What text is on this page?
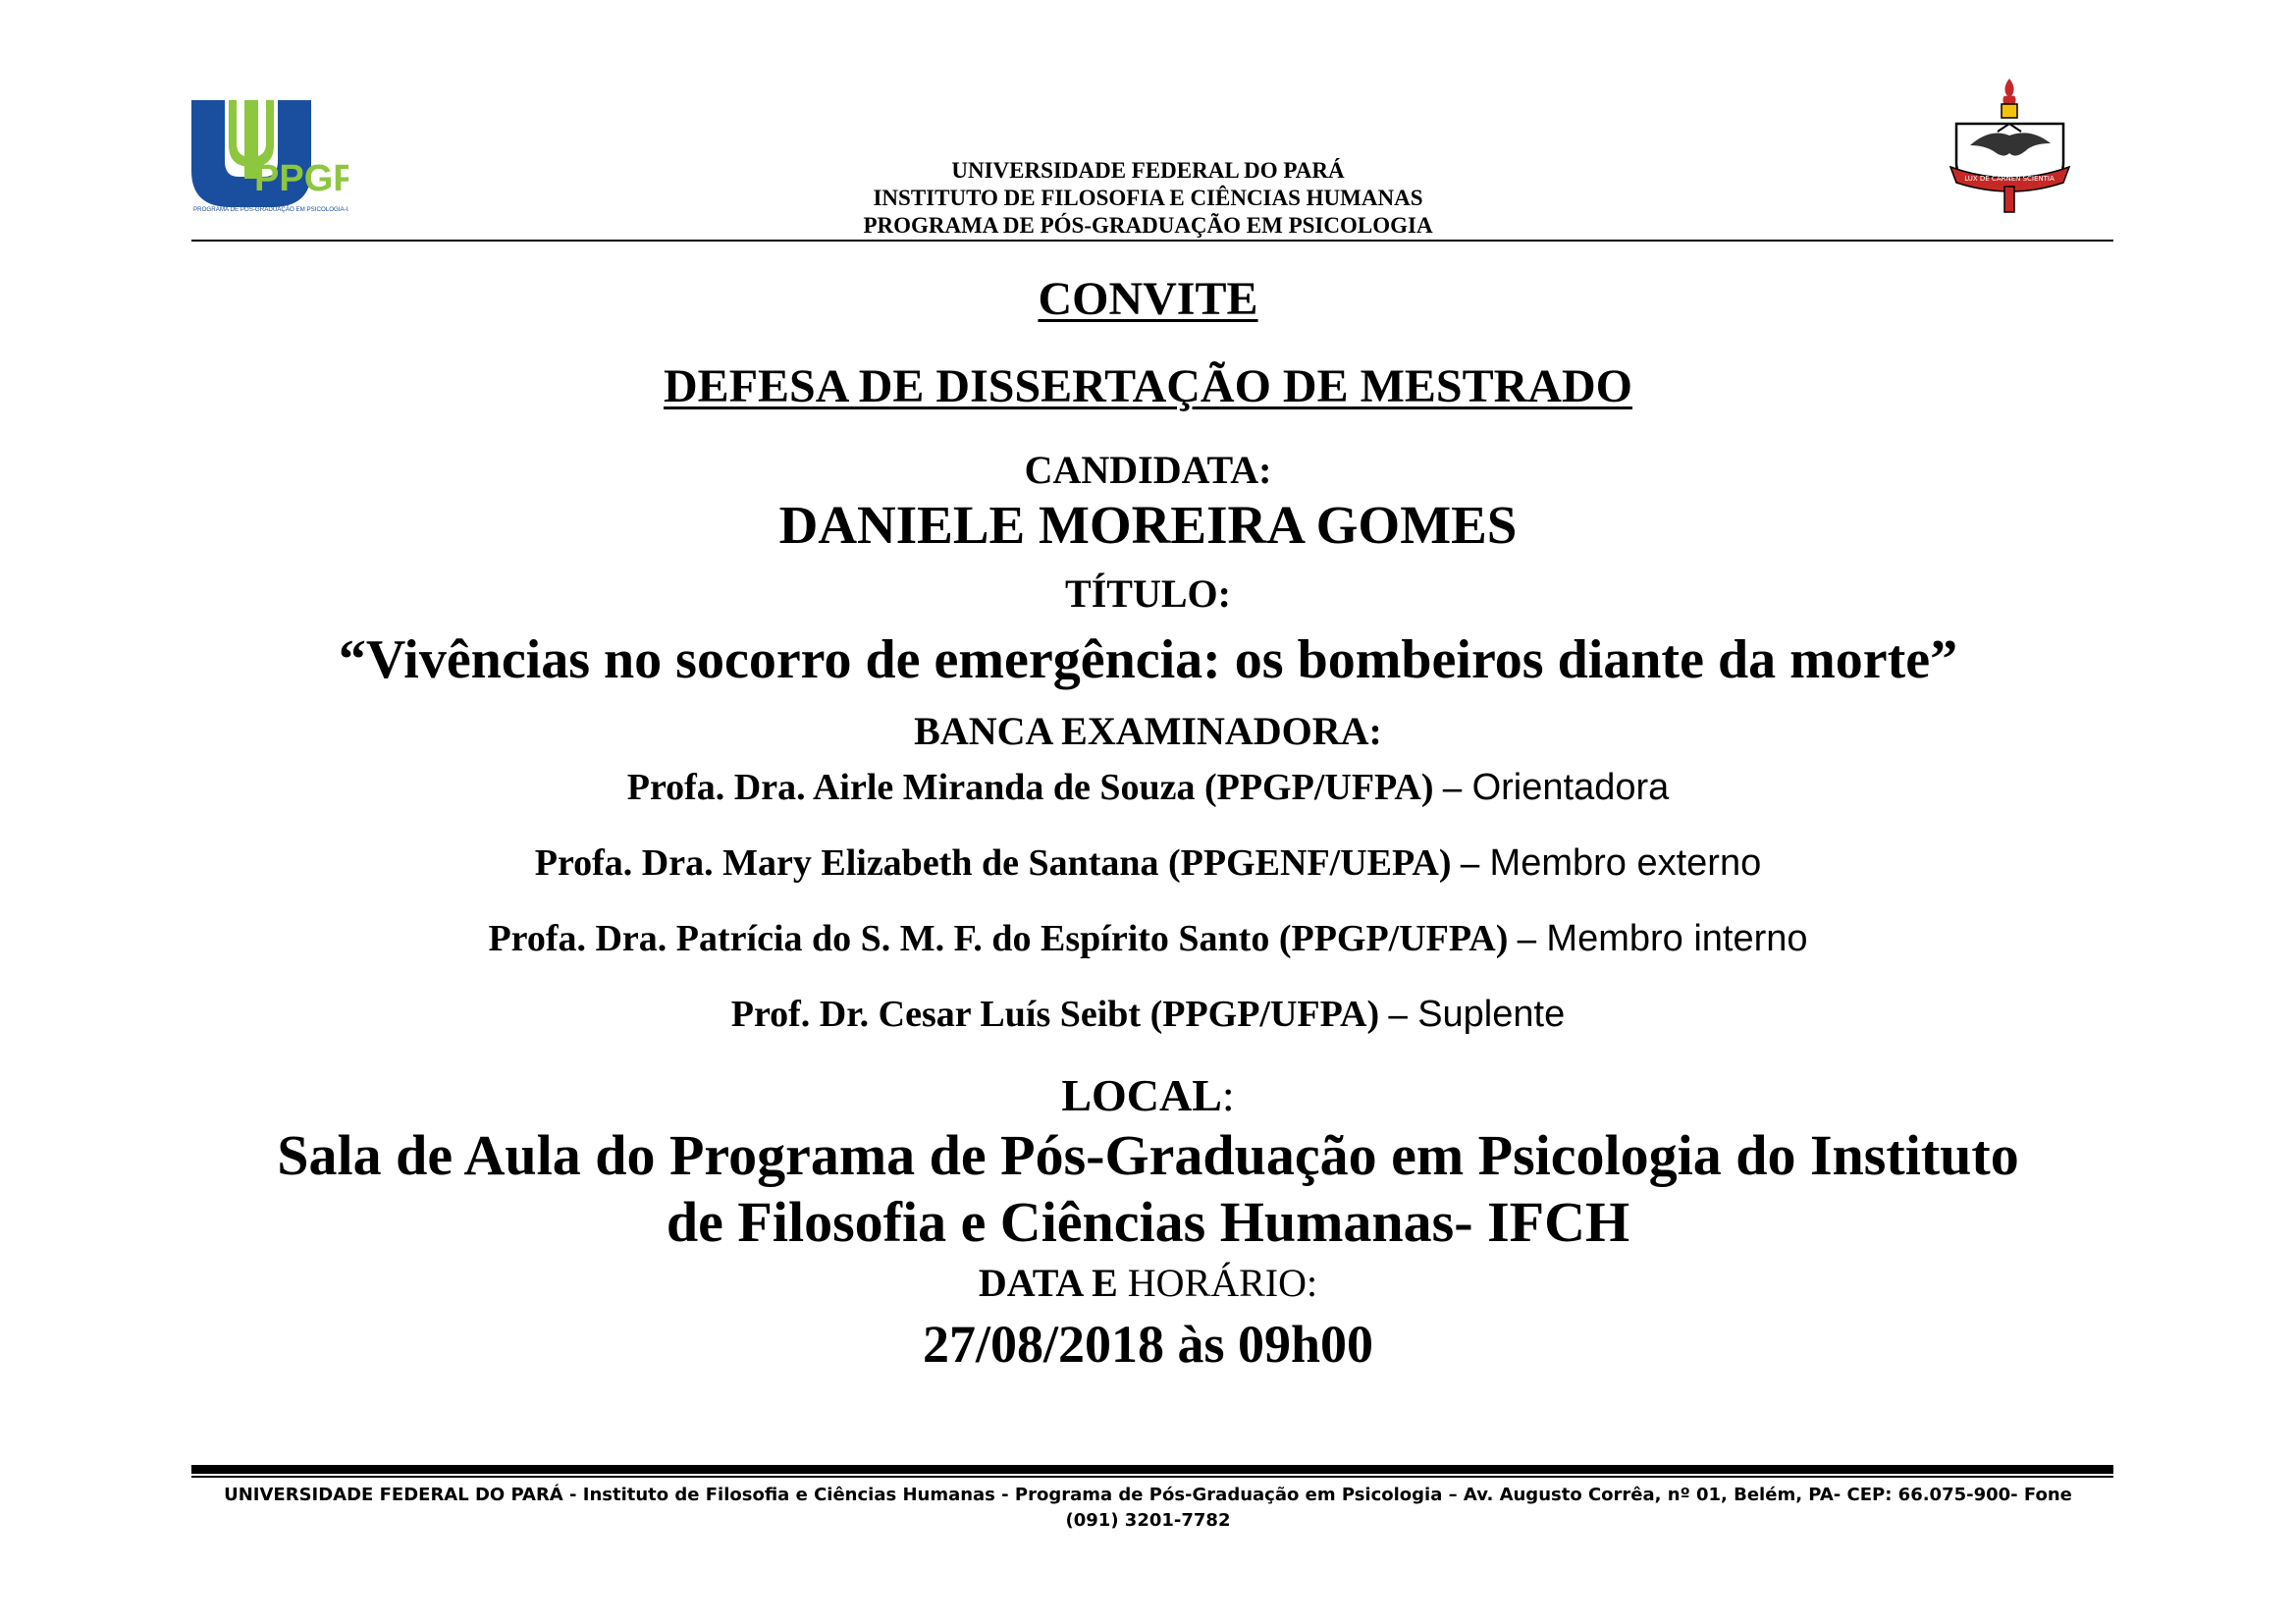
PPGP
PROGRAMA DE PÓS-GRADUAÇÃO EM PSICOLOGIA-UFPA
UNIVERSIDADE FEDERAL DO PARÁ
INSTITUTO DE FILOSOFIA E CIÊNCIAS HUMANAS
PROGRAMA DE PÓS-GRADUAÇÃO EM PSICOLOGIA
LUX DE CARNEN SCIENTIA
CONVITE
DEFESA DE DISSERTAÇÃO DE MESTRADO
CANDIDATA:
DANIELE MOREIRA GOMES
TÍTULO:
“Vivências no socorro de emergência: os bombeiros diante da morte”
BANCA EXAMINADORA:
Profa. Dra. Airle Miranda de Souza (PPGP/UFPA) – Orientadora
Profa. Dra. Mary Elizabeth de Santana (PPGENF/UEPA) – Membro externo
Profa. Dra. Patrícia do S. M. F. do Espírito Santo (PPGP/UFPA) – Membro interno
Prof. Dr. Cesar Luís Seibt (PPGP/UFPA) – Suplente
LOCAL:
Sala de Aula do Programa de Pós-Graduação em Psicologia do Instituto
de Filosofia e Ciências Humanas- IFCH
DATA E HORÁRIO:
27/08/2018 às 09h00
UNIVERSIDADE FEDERAL DO PARÁ - Instituto de Filosofia e Ciências Humanas - Programa de Pós-Graduação em Psicologia – Av. Augusto Corrêa, nº 01, Belém, PA- CEP: 66.075-900- Fone
(091) 3201-7782
